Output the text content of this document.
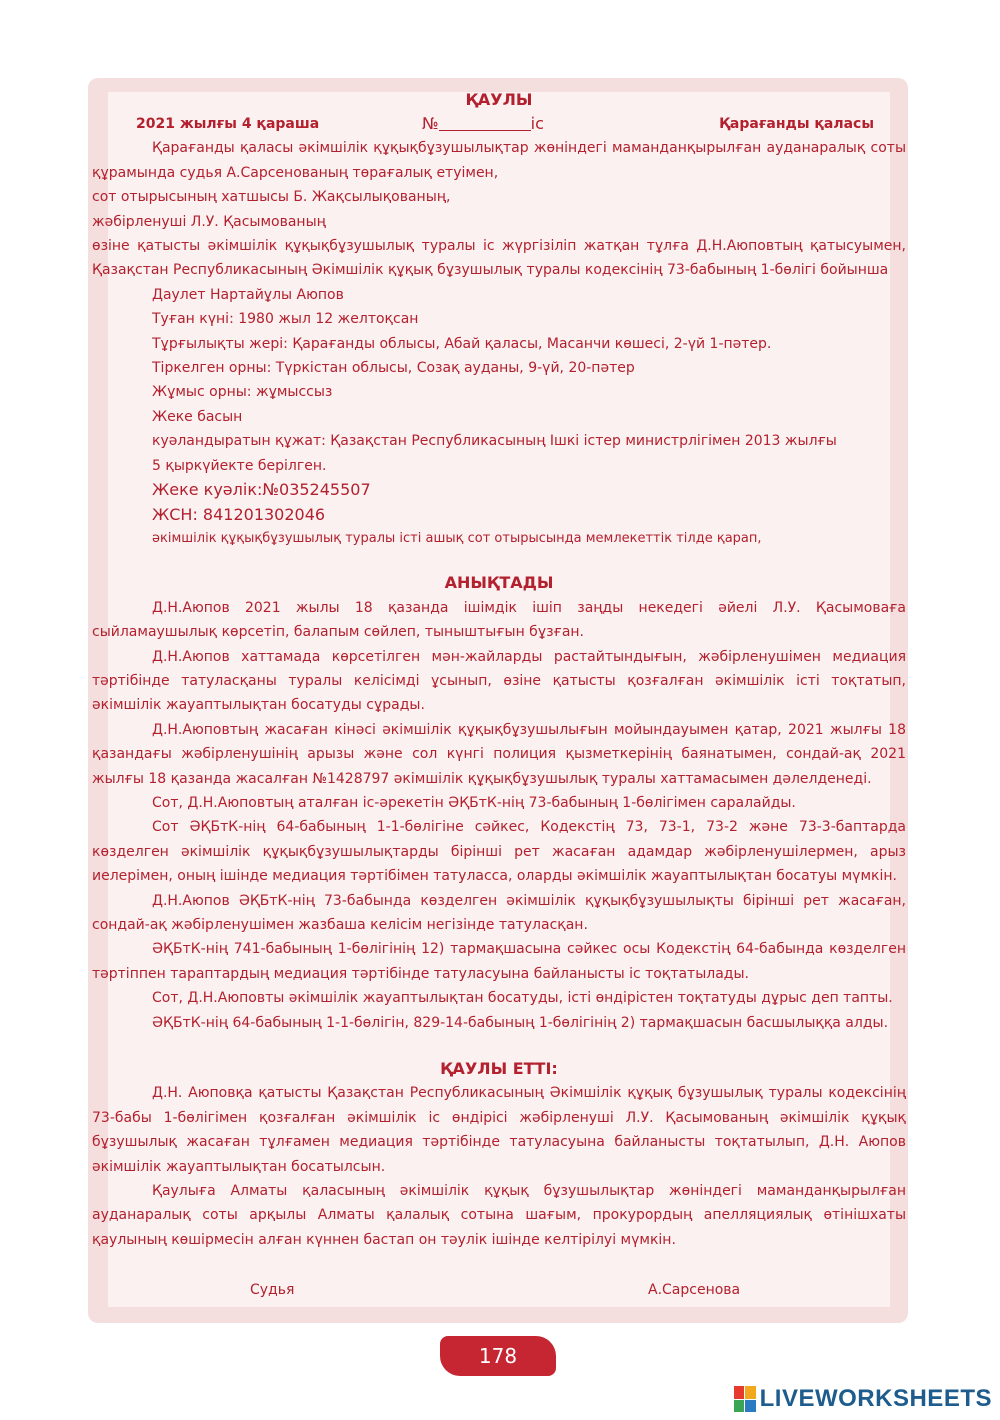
ҚАУЛЫ
2021 жылғы 4 қараша	№	іс	Қарағанды қаласы

Қарағанды қаласы әкімшілік құқықбұзушылықтар жөніндегі маманданқырылған ауданаралық соты құрамында судья А.Сарсенованың төрағалық етуімен,

сот отырысының хатшысы Б. Жақсылықованың,

жәбірленуші Л.У. Қасымованың

өзіне қатысты әкімшілік құқықбұзушылық туралы іс жүргізіліп жатқан тұлға Д.Н.Аюповтың қатысуымен, Қазақстан Республикасының Әкімшілік құқық бұзушылық туралы кодексінің 73-бабының 1-бөлігі бойынша

Даулет Нартайұлы Аюпов

Туған күні: 1980 жыл 12 желтоқсан

Тұрғылықты жері: Қарағанды облысы, Абай қаласы, Масанчи көшесі, 2-үй 1-пәтер.

Тіркелген орны: Түркістан облысы, Созақ ауданы, 9-үй, 20-пәтер

Жұмыс орны: жұмыссыз

Жеке басын

куәландыратын құжат: Қазақстан Республикасының Ішкі істер министрлігімен 2013 жылғы

5 қыркүйекте берілген.

Жеке куәлік:№035245507

ЖСН: 841201302046

әкімшілік құқықбұзушылық туралы істі ашық сот отырысында мемлекеттік тілде қарап,

АНЫҚТАДЫ

Д.Н.Аюпов 2021 жылы 18 қазанда ішімдік ішіп заңды некедегі әйелі Л.У. Қасымоваға сыйламаушылық көрсетіп, балапым сөйлеп, тыныштығын бұзған.

Д.Н.Аюпов хаттамада көрсетілген мән-жайларды растайтындығын, жәбірленушімен медиация тәртібінде татуласқаны туралы келісімді ұсынып, өзіне қатысты қозғалған әкімшілік істі тоқтатып, әкімшілік жауаптылықтан босатуды сұрады.

Д.Н.Аюповтың жасаған кінәсі әкімшілік құқықбұзушылығын мойындауымен қатар, 2021 жылғы 18 қазандағы жәбірленушінің арызы және сол күнгі полиция қызметкерінің баянатымен, сондай-ақ 2021 жылғы 18 қазанда жасалған №1428797 әкімшілік құқықбұзушылық туралы хаттамасымен дәлелденеді.

Сот, Д.Н.Аюповтың аталған іс-әрекетін ӘҚБтК-нің 73-бабының 1-бөлігімен саралайды.

Сот ӘҚБтК-нің 64-бабының 1-1-бөлігіне сәйкес, Кодекстің 73, 73-1, 73-2 және 73-3-баптарда көзделген әкімшілік құқықбұзушылықтарды бірінші рет жасаған адамдар жәбірленушілермен, арыз иелерімен, оның ішінде медиация тәртібімен татуласса, оларды әкімшілік жауаптылықтан босатуы мүмкін.

Д.Н.Аюпов ӘҚБтК-нің 73-бабында көзделген әкімшілік құқықбұзушылықты бірінші рет жасаған, сондай-ақ жәбірленушімен жазбаша келісім негізінде татуласқан.

ӘҚБтК-нің 741-бабының 1-бөлігінің 12) тармақшасына сәйкес осы Кодекстің 64-бабында көзделген тәртіппен тараптардың медиация тәртібінде татуласуына байланысты іс тоқтатылады.

Сот, Д.Н.Аюповты әкімшілік жауаптылықтан босатуды, істі өндірістен тоқтатуды дұрыс деп тапты.

ӘҚБтК-нің 64-бабының 1-1-бөлігін, 829-14-бабының 1-бөлігінің 2) тармақшасын басшылыққа алды.

ҚАУЛЫ ЕТТІ:

Д.Н. Аюповқа қатысты Қазақстан Республикасының Әкімшілік құқық бұзушылық туралы кодексінің 73-бабы 1-бөлігімен қозғалған әкімшілік іс өндірісі жәбірленуші Л.У. Қасымованың әкімшілік құқық бұзушылық жасаған тұлғамен медиация тәртібінде татуласуына байланысты тоқтатылып, Д.Н. Аюпов әкімшілік жауаптылықтан босатылсын.

Қаулыға Алматы қаласының әкімшілік құқық бұзушылықтар жөніндегі маманданқырылған ауданаралық соты арқылы Алматы қалалық сотына шағым, прокурордың апелляциялық өтінішхаты қаулының көшірмесін алған күннен бастап он тәулік ішінде келтірілуі мүмкін.

Судья	А.Сарсенова
178
LIVEWORKSHEETS
